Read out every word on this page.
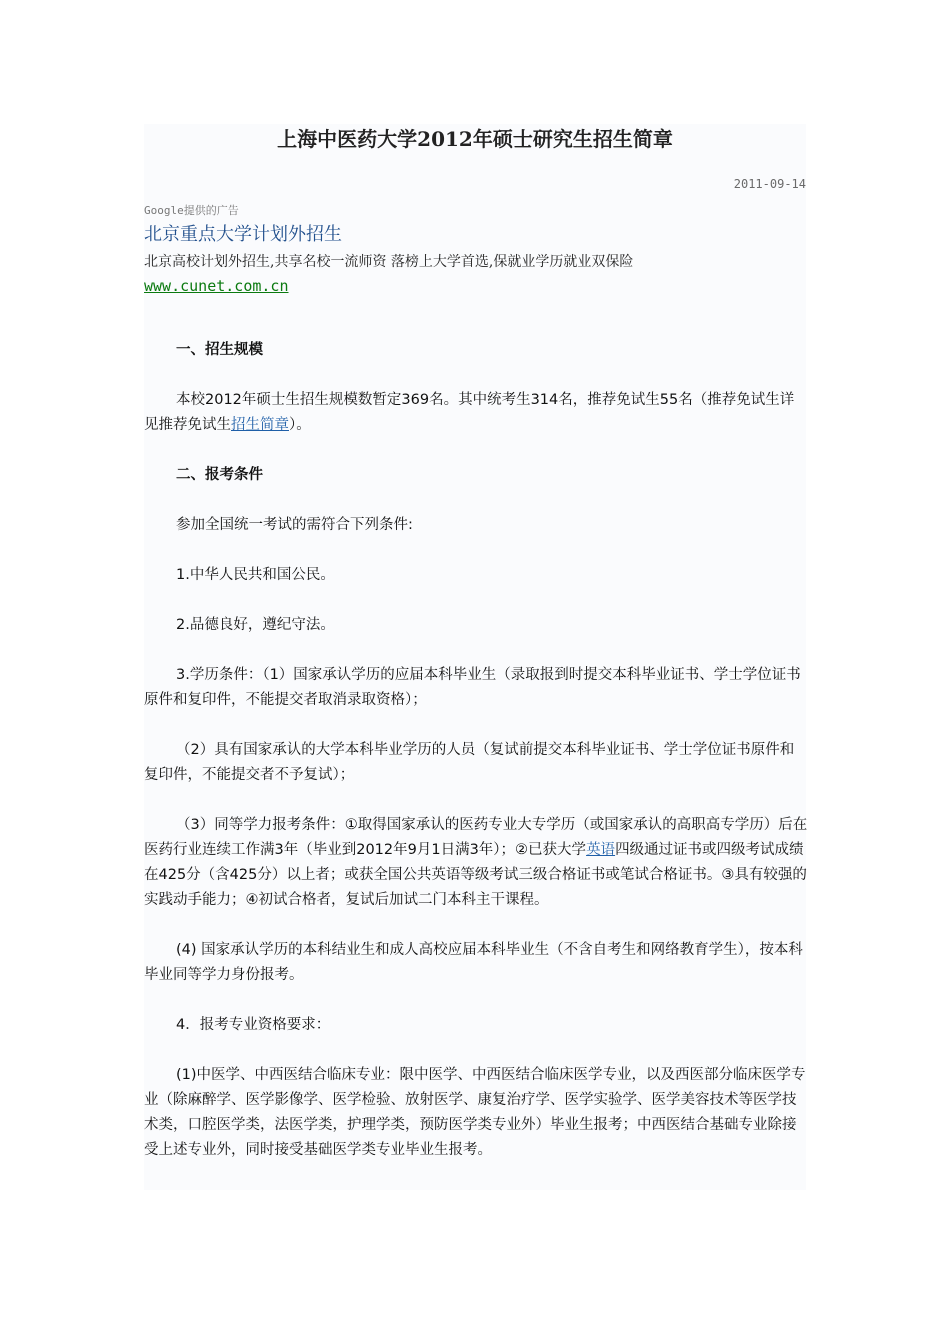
上海中医药大学2012年硕士研究生招生简章
2011-09-14
Google提供的广告
北京重点大学计划外招生
北京高校计划外招生,共享名校一流师资 落榜上大学首选,保就业学历就业双保险
www.cunet.com.cn

一、招生规模

本校2012年硕士生招生规模数暂定369名。其中统考生314名，推荐免试生55名（推荐免试生详见推荐免试生招生简章）。

二、报考条件

参加全国统一考试的需符合下列条件:

1.中华人民共和国公民。

2.品德良好，遵纪守法。

3.学历条件：（1）国家承认学历的应届本科毕业生（录取报到时提交本科毕业证书、学士学位证书原件和复印件，不能提交者取消录取资格）；

（2）具有国家承认的大学本科毕业学历的人员（复试前提交本科毕业证书、学士学位证书原件和复印件，不能提交者不予复试）；

（3）同等学力报考条件：①取得国家承认的医药专业大专学历（或国家承认的高职高专学历）后在医药行业连续工作满3年（毕业到2012年9月1日满3年）；②已获大学英语四级通过证书或四级考试成绩在425分（含425分）以上者；或获全国公共英语等级考试三级合格证书或笔试合格证书。③具有较强的实践动手能力；④初试合格者，复试后加试二门本科主干课程。

(4) 国家承认学历的本科结业生和成人高校应届本科毕业生（不含自考生和网络教育学生），按本科毕业同等学力身份报考。

4．报考专业资格要求：

(1)中医学、中西医结合临床专业：限中医学、中西医结合临床医学专业，以及西医部分临床医学专业（除麻醉学、医学影像学、医学检验、放射医学、康复治疗学、医学实验学、医学美容技术等医学技术类，口腔医学类，法医学类，护理学类，预防医学类专业外）毕业生报考；中西医结合基础专业除接受上述专业外，同时接受基础医学类专业毕业生报考。
